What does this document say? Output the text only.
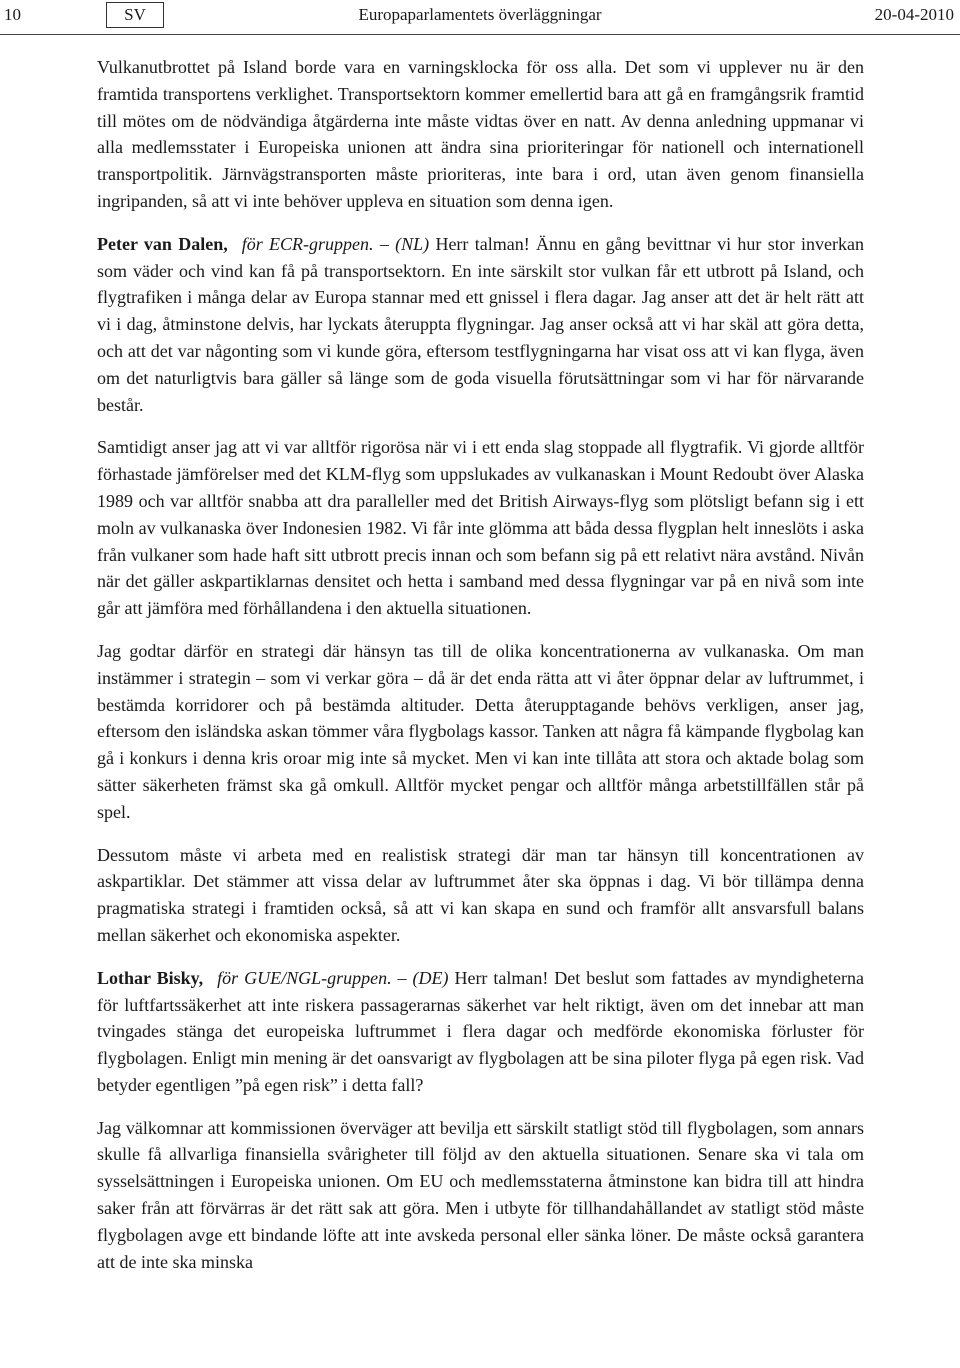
10	SV	Europaparlamentets överläggningar	20-04-2010

Vulkanutbrottet på Island borde vara en varningsklocka för oss alla. Det som vi upplever nu är den framtida transportens verklighet. Transportsektorn kommer emellertid bara att gå en framgångsrik framtid till mötes om de nödvändiga åtgärderna inte måste vidtas över en natt. Av denna anledning uppmanar vi alla medlemsstater i Europeiska unionen att ändra sina prioriteringar för nationell och internationell transportpolitik. Järnvägstransporten måste prioriteras, inte bara i ord, utan även genom finansiella ingripanden, så att vi inte behöver uppleva en situation som denna igen.

Peter van Dalen, för ECR-gruppen. – (NL) Herr talman! Ännu en gång bevittnar vi hur stor inverkan som väder och vind kan få på transportsektorn. En inte särskilt stor vulkan får ett utbrott på Island, och flygtrafiken i många delar av Europa stannar med ett gnissel i flera dagar. Jag anser att det är helt rätt att vi i dag, åtminstone delvis, har lyckats återuppta flygningar. Jag anser också att vi har skäl att göra detta, och att det var någonting som vi kunde göra, eftersom testflygningarna har visat oss att vi kan flyga, även om det naturligtvis bara gäller så länge som de goda visuella förutsättningar som vi har för närvarande består.

Samtidigt anser jag att vi var alltför rigorösa när vi i ett enda slag stoppade all flygtrafik. Vi gjorde alltför förhastade jämförelser med det KLM-flyg som uppslukades av vulkanaskan i Mount Redoubt över Alaska 1989 och var alltför snabba att dra paralleller med det British Airways-flyg som plötsligt befann sig i ett moln av vulkanaska över Indonesien 1982. Vi får inte glömma att båda dessa flygplan helt inneslöts i aska från vulkaner som hade haft sitt utbrott precis innan och som befann sig på ett relativt nära avstånd. Nivån när det gäller askpartiklarnas densitet och hetta i samband med dessa flygningar var på en nivå som inte går att jämföra med förhållandena i den aktuella situationen.

Jag godtar därför en strategi där hänsyn tas till de olika koncentrationerna av vulkanaska. Om man instämmer i strategin – som vi verkar göra – då är det enda rätta att vi åter öppnar delar av luftrummet, i bestämda korridorer och på bestämda altituder. Detta återupptagande behövs verkligen, anser jag, eftersom den isländska askan tömmer våra flygbolags kassor. Tanken att några få kämpande flygbolag kan gå i konkurs i denna kris oroar mig inte så mycket. Men vi kan inte tillåta att stora och aktade bolag som sätter säkerheten främst ska gå omkull. Alltför mycket pengar och alltför många arbetstillfällen står på spel.

Dessutom måste vi arbeta med en realistisk strategi där man tar hänsyn till koncentrationen av askpartiklar. Det stämmer att vissa delar av luftrummet åter ska öppnas i dag. Vi bör tillämpa denna pragmatiska strategi i framtiden också, så att vi kan skapa en sund och framför allt ansvarsfull balans mellan säkerhet och ekonomiska aspekter.

Lothar Bisky, för GUE/NGL-gruppen. – (DE) Herr talman! Det beslut som fattades av myndigheterna för luftfartssäkerhet att inte riskera passagerarnas säkerhet var helt riktigt, även om det innebar att man tvingades stänga det europeiska luftrummet i flera dagar och medförde ekonomiska förluster för flygbolagen. Enligt min mening är det oansvarigt av flygbolagen att be sina piloter flyga på egen risk. Vad betyder egentligen ”på egen risk” i detta fall?

Jag välkomnar att kommissionen överväger att bevilja ett särskilt statligt stöd till flygbolagen, som annars skulle få allvarliga finansiella svårigheter till följd av den aktuella situationen. Senare ska vi tala om sysselsättningen i Europeiska unionen. Om EU och medlemsstaterna åtminstone kan bidra till att hindra saker från att förvärras är det rätt sak att göra. Men i utbyte för tillhandahållandet av statligt stöd måste flygbolagen avge ett bindande löfte att inte avskeda personal eller sänka löner. De måste också garantera att de inte ska minska
